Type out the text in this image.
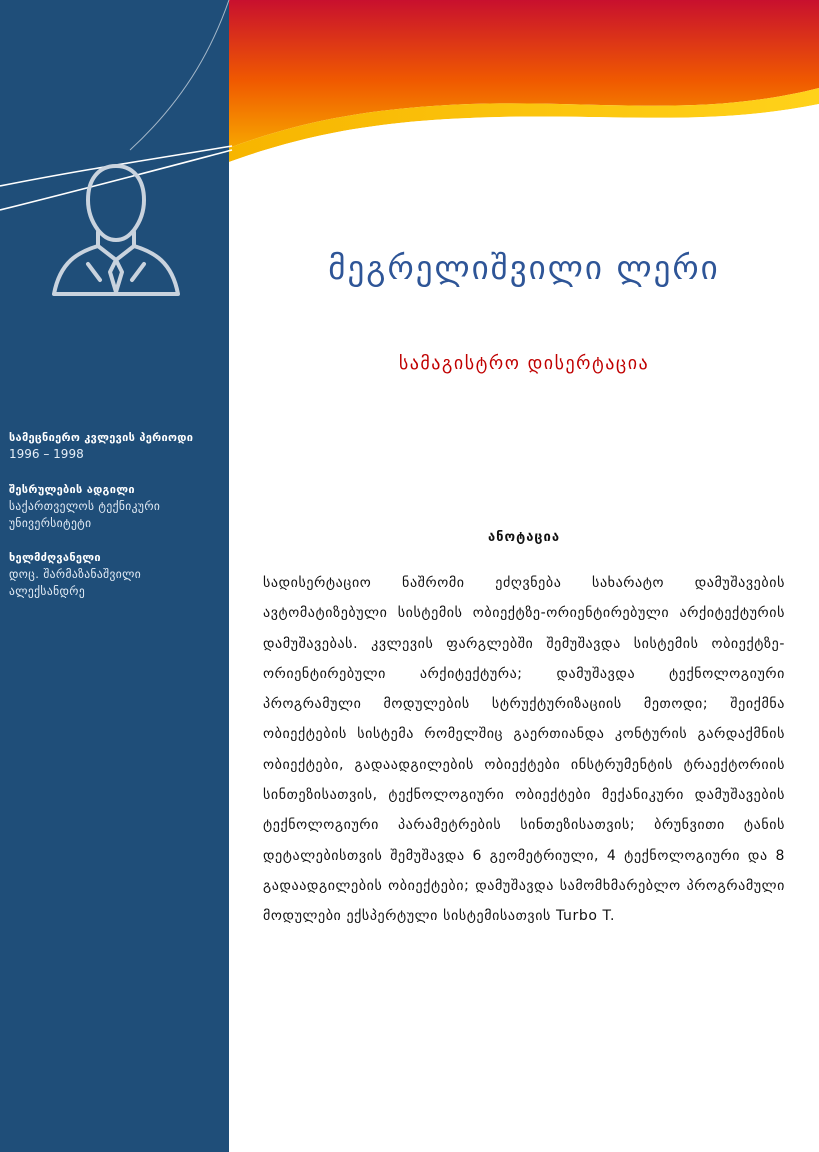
სამეცნიერო კვლევის პერიოდი
1996 – 1998
შესრულების ადგილი
საქართველოს ტექნიკური უნივერსიტეტი
ხელმძღვანელი
დოც. შარმაზანაშვილი ალექსანდრე
მეგრელიშვილი ლერი
სამაგისტრო დისერტაცია
ანოტაცია
სადისერტაციო ნაშრომი ეძღვნება სახარატო დამუშავების ავტომატიზებული სისტემის ობიექტზე-ორიენტირებული არქიტექტურის დამუშავებას. კვლევის ფარგლებში შემუშავდა სისტემის ობიექტზე-ორიენტირებული არქიტექტურა; დამუშავდა ტექნოლოგიური პროგრამული მოდულების სტრუქტურიზაციის მეთოდი; შეიქმნა ობიექტების სისტემა რომელშიც გაერთიანდა კონტურის გარდაქმნის ობიექტები, გადაადგილების ობიექტები ინსტრუმენტის ტრაექტორიის სინთეზისათვის, ტექნოლოგიური ობიექტები მექანიკური დამუშავების ტექნოლოგიური პარამეტრების სინთეზისათვის; ბრუნვითი ტანის დეტალებისთვის შემუშავდა 6 გეომეტრიული, 4 ტექნოლოგიური და 8 გადაადგილების ობიექტები; დამუშავდა სამომხმარებლო პროგრამული მოდულები ექსპერტული სისტემისათვის Turbo T.
